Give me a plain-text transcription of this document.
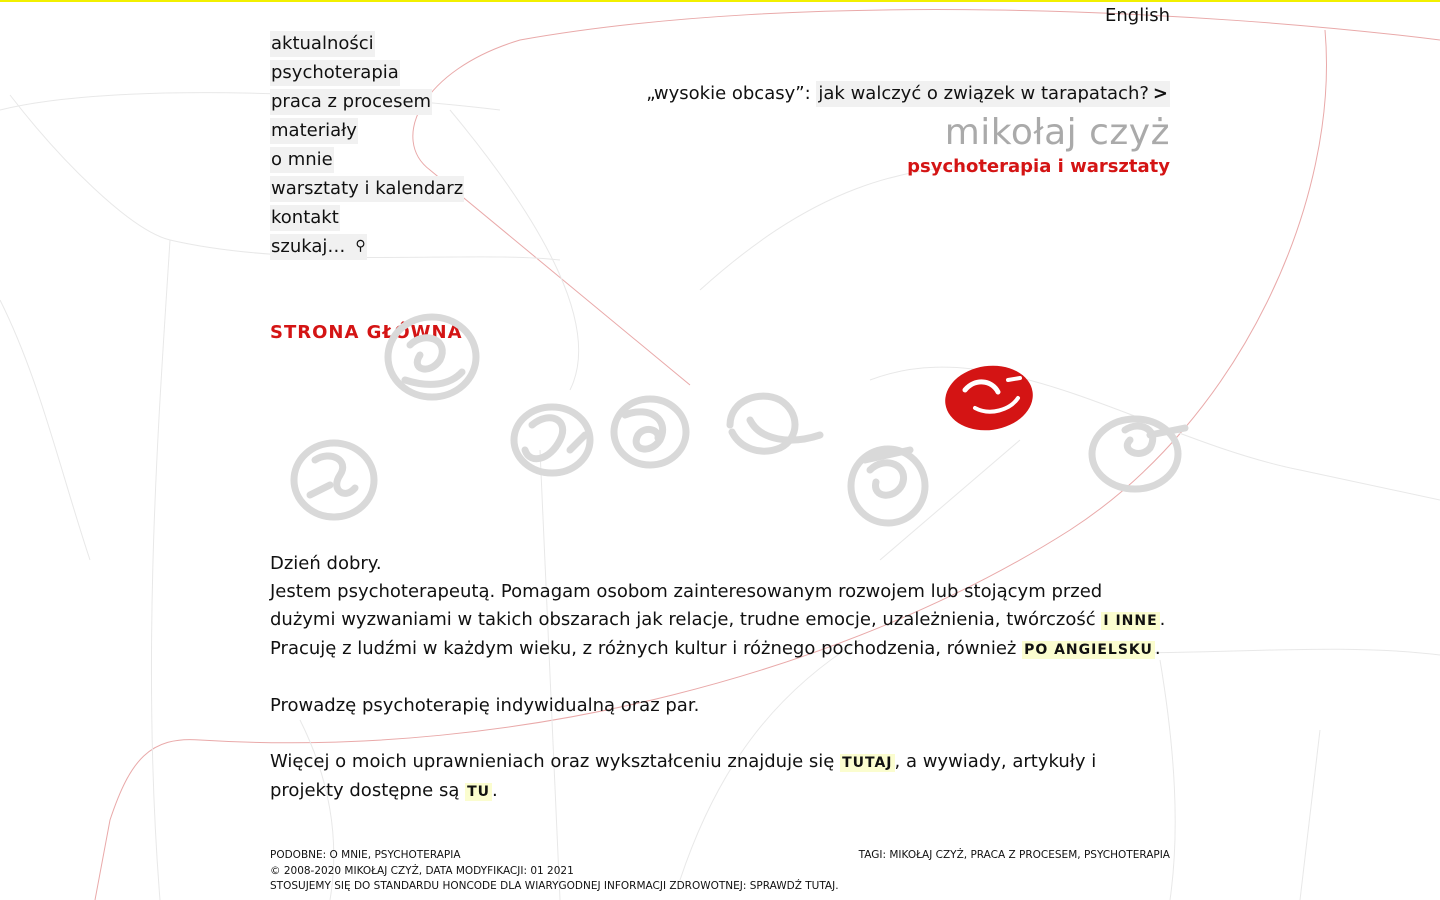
English
aktualności
psychoterapia
praca z procesem
materiały
o mnie
warsztaty i kalendarz
kontakt
szukaj… ⚲
„wysokie obcasy”: jak walczyć o związek w tarapatach? >
mikołaj czyż
psychoterapia i warsztaty
STRONA GŁÓWNA

Dzień dobry.
Jestem psychoterapeutą. Pomagam osobom zainteresowanym rozwojem lub stojącym przed dużymi wyzwaniami w takich obszarach jak relacje, trudne emocje, uzależnienia, twórczość I INNE . Pracuję z ludźmi w każdym wieku, z różnych kultur i różnego pochodzenia, również PO ANGIELSKU .

Prowadzę psychoterapię indywidualną oraz par.

Więcej o moich uprawnieniach oraz wykształceniu znajduje się TUTAJ , a wywiady, artykuły i projekty dostępne są TU .

PODOBNE: O MNIE, PSYCHOTERAPIA
© 2008-2020 MIKOŁAJ CZYŻ, DATA MODYFIKACJI: 01 2021
STOSUJEMY SIĘ DO STANDARDU HONCODE DLA WIARYGODNEJ INFORMACJI ZDROWOTNEJ: SPRAWDŹ TUTAJ.
TAGI: MIKOŁAJ CZYŻ, PRACA Z PROCESEM, PSYCHOTERAPIA
